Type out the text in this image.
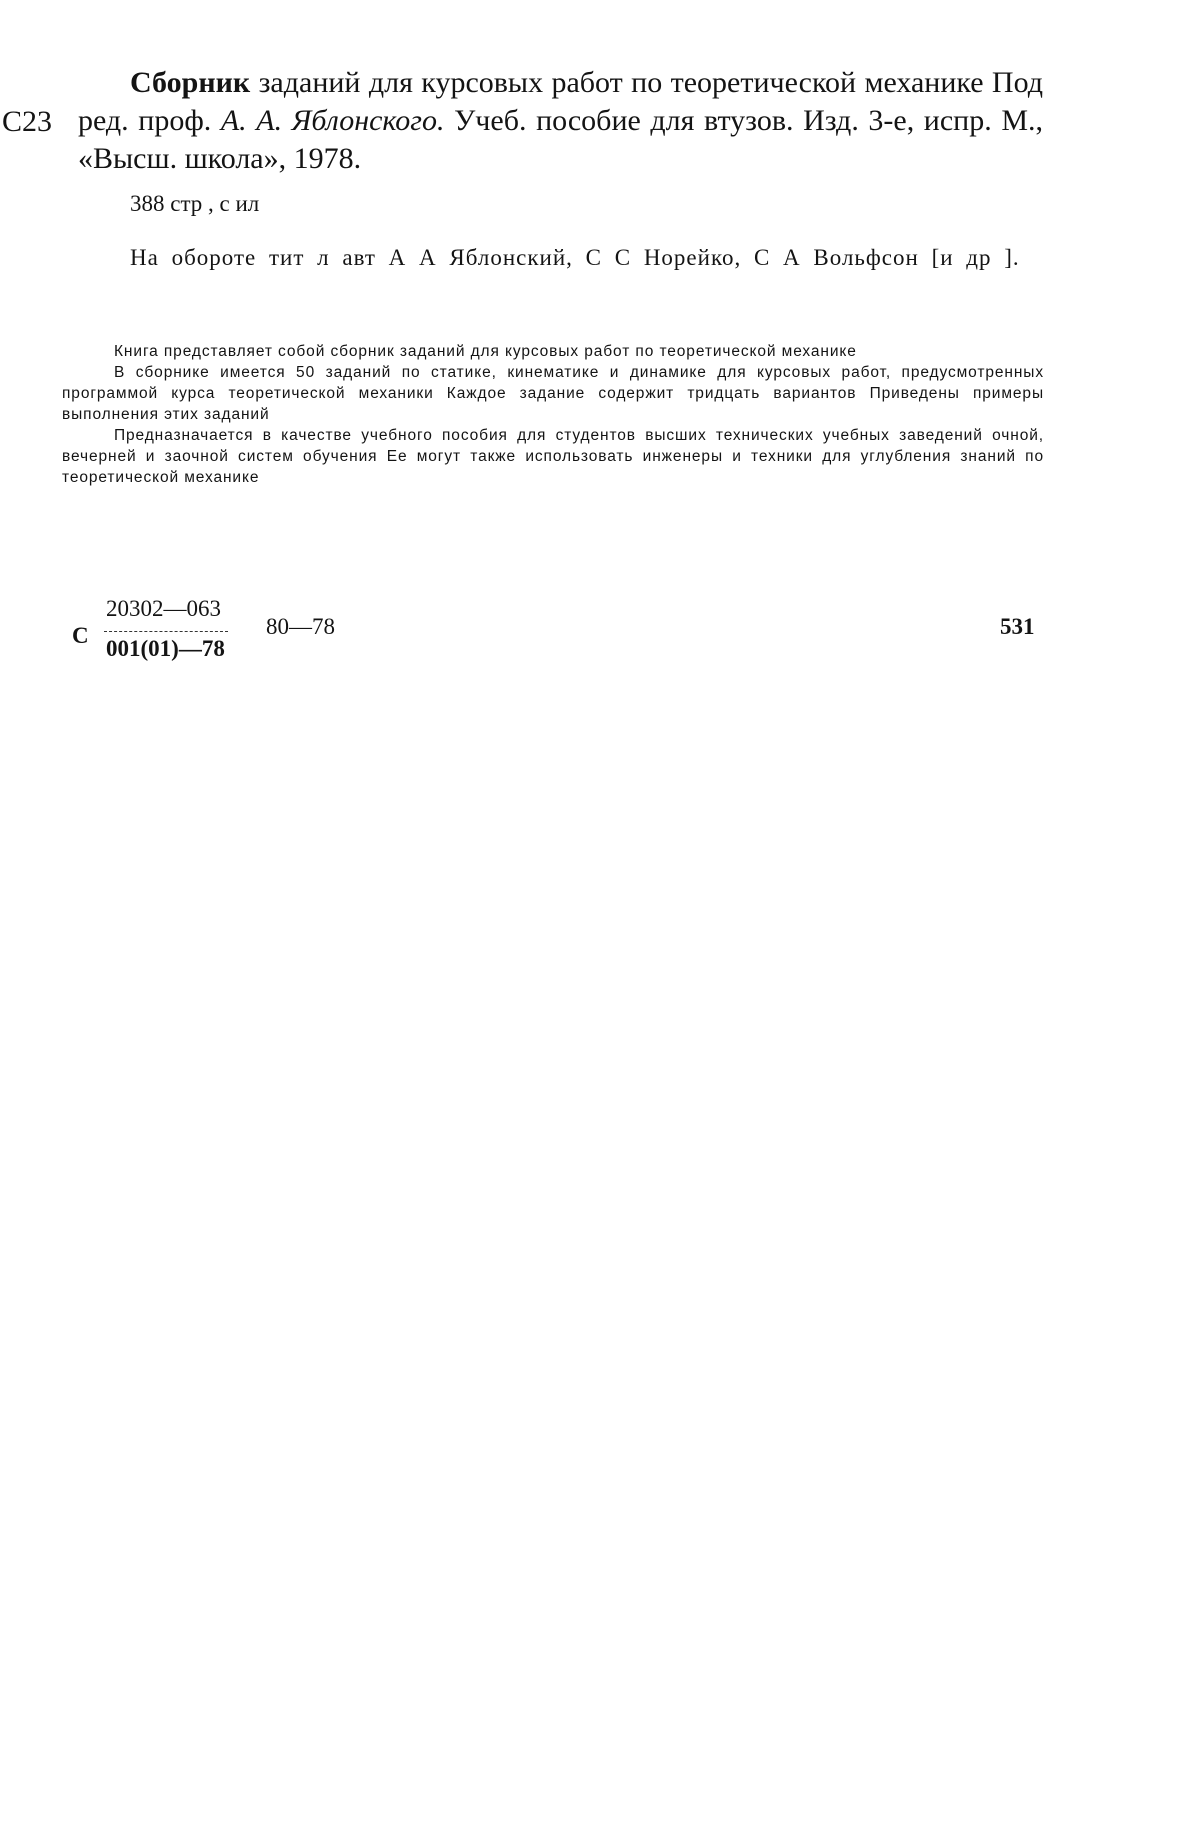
С23
Сборник заданий для курсовых работ по теоретической механике Под ред. проф. А. А. Яблонского. Учеб. пособие для втузов. Изд. 3-е, испр. М., «Высш. школа», 1978.
388 стр , с ил
На обороте тит л авт А А Яблонский, С С Норейко, С А Вольфсон [и др ].

Книга представляет собой сборник заданий для курсовых работ по теоретической механике

В сборнике имеется 50 заданий по статике, кинематике и динамике для курсовых работ, предусмотренных программой курса теоретической механики Каждое задание содержит тридцать вариантов Приведены примеры выполнения этих заданий

Предназначается в качестве учебного пособия для студентов высших технических учебных заведений очной, вечерней и заочной систем обучения Ее могут также использовать инженеры и техники для углубления знаний по теоретической механике

С
20302—063
001(01)—78
80—78	531
